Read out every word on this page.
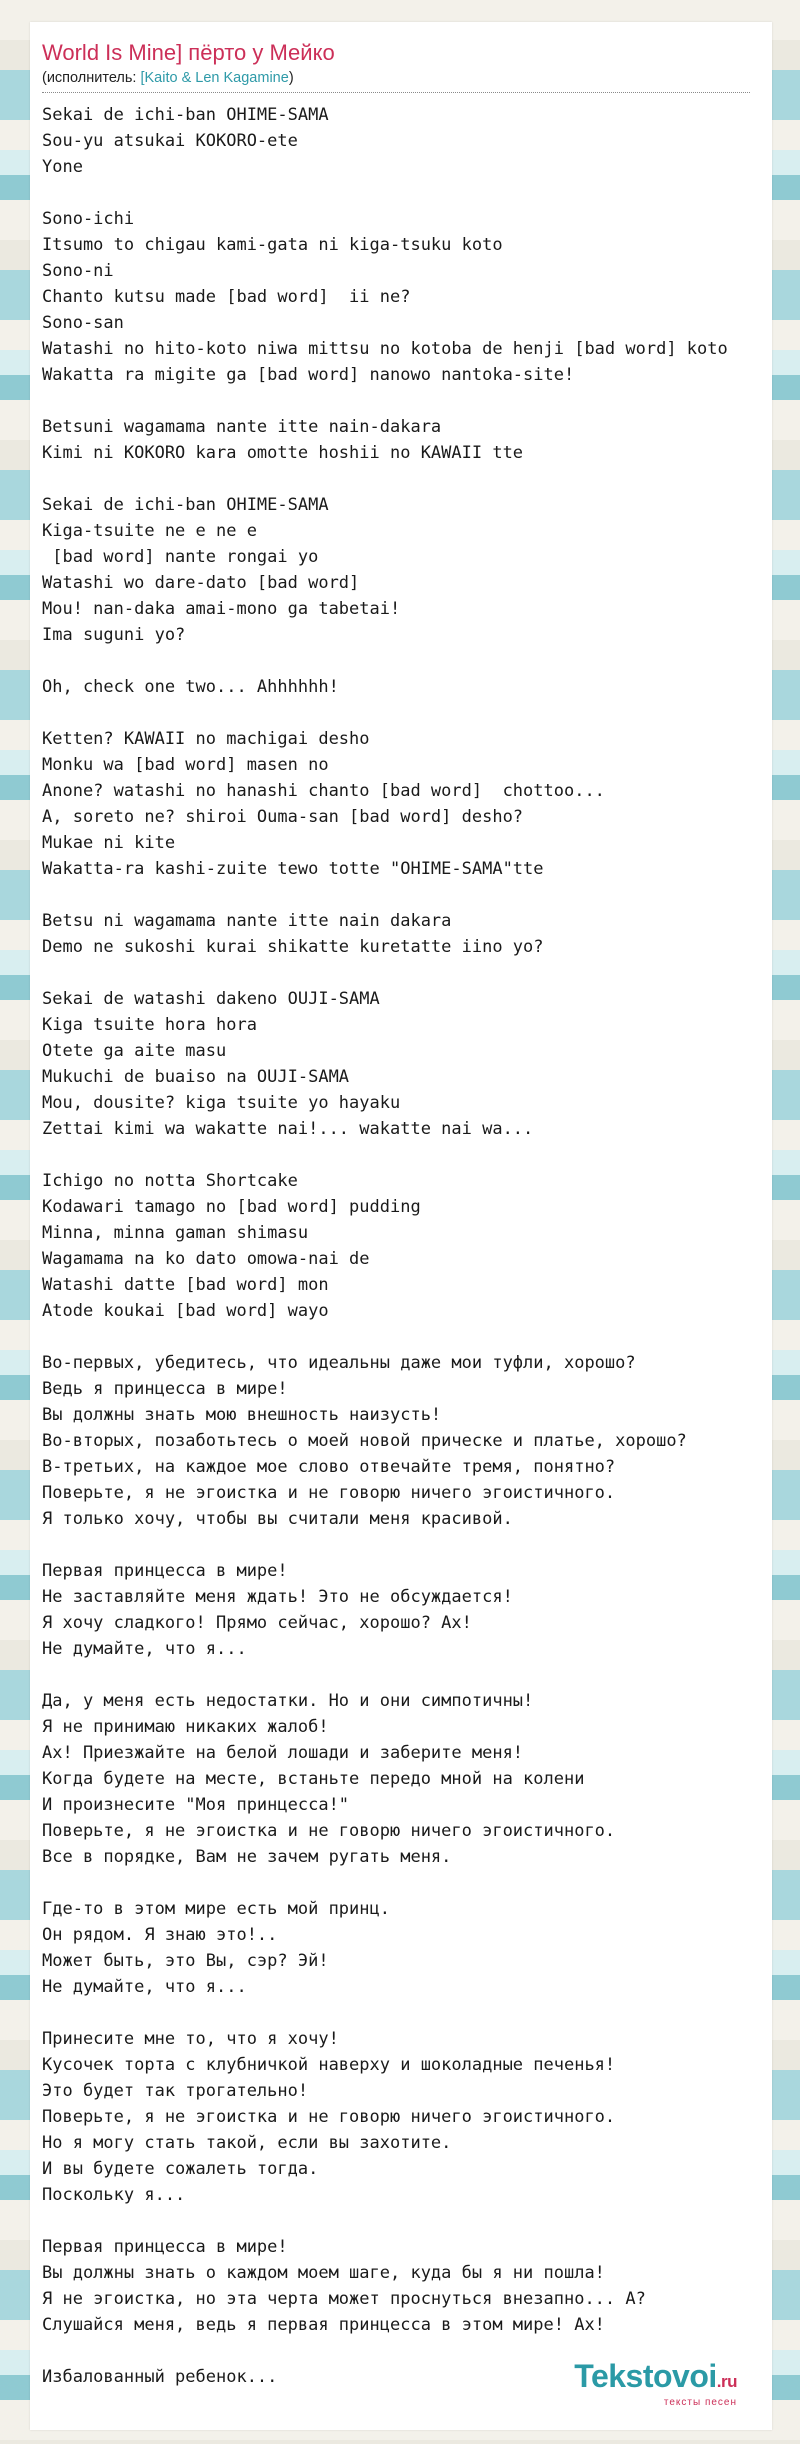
World Is Mine] пёрто у Мейко
(исполнитель: [Kaito & Len Kagamine)
Sekai de ichi-ban OHIME-SAMA
Sou-yu atsukai KOKORO-ete
Yone

Sono-ichi
Itsumo to chigau kami-gata ni kiga-tsuku koto
Sono-ni
Chanto kutsu made [bad word]  ii ne?
Sono-san
Watashi no hito-koto niwa mittsu no kotoba de henji [bad word] koto
Wakatta ra migite ga [bad word] nanowo nantoka-site!

Betsuni wagamama nante itte nain-dakara
Kimi ni KOKORO kara omotte hoshii no KAWAII tte

Sekai de ichi-ban OHIME-SAMA
Kiga-tsuite ne e ne e
[bad word] nante rongai yo
Watashi wo dare-dato [bad word]
Mou! nan-daka amai-mono ga tabetai!
Ima suguni yo?

Oh, check one two... Ahhhhhh!

Ketten? KAWAII no machigai desho
Monku wa [bad word] masen no
Anone? watashi no hanashi chanto [bad word]  chottoo...
A, soreto ne? shiroi Ouma-san [bad word] desho?
Mukae ni kite
Wakatta-ra kashi-zuite tewo totte "OHIME-SAMA"tte

Betsu ni wagamama nante itte nain dakara
Demo ne sukoshi kurai shikatte kuretatte iino yo?

Sekai de watashi dakeno OUJI-SAMA
Kiga tsuite hora hora
Otete ga aite masu
Mukuchi de buaiso na OUJI-SAMA
Mou, dousite? kiga tsuite yo hayaku
Zettai kimi wa wakatte nai!... wakatte nai wa...

Ichigo no notta Shortcake
Kodawari tamago no [bad word] pudding
Minna, minna gaman shimasu
Wagamama na ko dato omowa-nai de
Watashi datte [bad word] mon
Atode koukai [bad word] wayo

Во-первых, убедитесь, что идеальны даже мои туфли, хорошо?
Ведь я принцесса в мире!
Вы должны знать мою внешность наизусть!
Во-вторых, позаботьтесь о моей новой прическе и платье, хорошо?
В-третьих, на каждое мое слово отвечайте тремя, понятно?
Поверьте, я не эгоистка и не говорю ничего эгоистичного.
Я только хочу, чтобы вы считали меня красивой.

Первая принцесса в мире!
Не заставляйте меня ждать! Это не обсуждается!
Я хочу сладкого! Прямо сейчас, хорошо? Ах!
Не думайте, что я...

Да, у меня есть недостатки. Но и они симпотичны!
Я не принимаю никаких жалоб!
Ах! Приезжайте на белой лошади и заберите меня!
Когда будете на месте, встаньте передо мной на колени
И произнесите "Моя принцесса!"
Поверьте, я не эгоистка и не говорю ничего эгоистичного.
Все в порядке, Вам не зачем ругать меня.

Где-то в этом мире есть мой принц.
Он рядом. Я знаю это!..
Может быть, это Вы, сэр? Эй!
Не думайте, что я...

Принесите мне то, что я хочу!
Кусочек торта с клубничкой наверху и шоколадные печенья!
Это будет так трогательно!
Поверьте, я не эгоистка и не говорю ничего эгоистичного.
Но я могу стать такой, если вы захотите.
И вы будете сожалеть тогда.
Поскольку я...

Первая принцесса в мире!
Вы должны знать о каждом моем шаге, куда бы я ни пошла!
Я не эгоистка, но эта черта может проснуться внезапно... А?
Слушайся меня, ведь я первая принцесса в этом мире! Ах!

Избалованный ребенок...	Tekstovoi.ru
тексты песен
